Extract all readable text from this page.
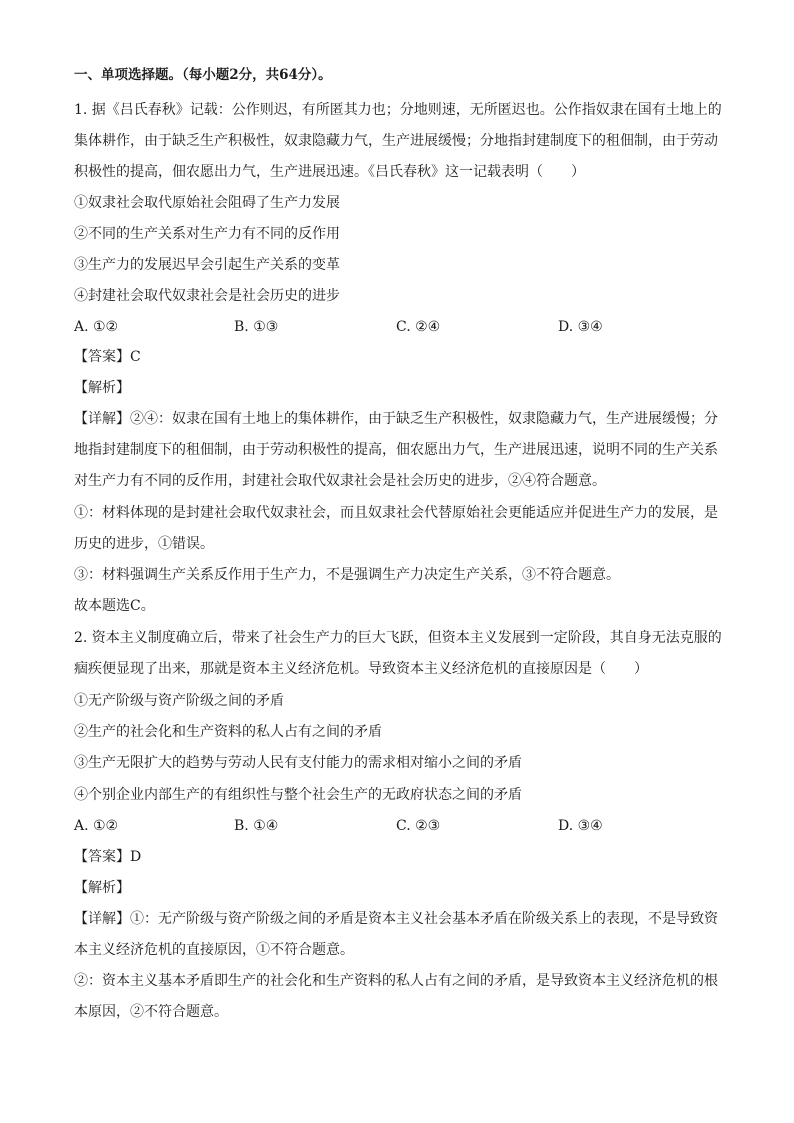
一、单项选择题。（每小题2分，共64分）。
1. 据《吕氏春秋》记载：公作则迟，有所匿其力也；分地则速，无所匿迟也。公作指奴隶在国有土地上的
集体耕作，由于缺乏生产积极性，奴隶隐藏力气，生产进展缓慢；分地指封建制度下的租佃制，由于劳动
积极性的提高，佃农愿出力气，生产进展迅速。《吕氏春秋》这一记载表明（　　）
①奴隶社会取代原始社会阻碍了生产力发展
②不同的生产关系对生产力有不同的反作用
③生产力的发展迟早会引起生产关系的变革
④封建社会取代奴隶社会是社会历史的进步
A. ①②	B. ①③	C. ②④	D. ③④
【答案】C
【解析】
【详解】②④：奴隶在国有土地上的集体耕作，由于缺乏生产积极性，奴隶隐藏力气，生产进展缓慢；分
地指封建制度下的租佃制，由于劳动积极性的提高，佃农愿出力气，生产进展迅速，说明不同的生产关系
对生产力有不同的反作用，封建社会取代奴隶社会是社会历史的进步，②④符合题意。
①：材料体现的是封建社会取代奴隶社会，而且奴隶社会代替原始社会更能适应并促进生产力的发展，是
历史的进步，①错误。
③：材料强调生产关系反作用于生产力，不是强调生产力决定生产关系，③不符合题意。
故本题选C。
2. 资本主义制度确立后，带来了社会生产力的巨大飞跃，但资本主义发展到一定阶段，其自身无法克服的
痼疾便显现了出来，那就是资本主义经济危机。导致资本主义经济危机的直接原因是（　　）
①无产阶级与资产阶级之间的矛盾
②生产的社会化和生产资料的私人占有之间的矛盾
③生产无限扩大的趋势与劳动人民有支付能力的需求相对缩小之间的矛盾
④个别企业内部生产的有组织性与整个社会生产的无政府状态之间的矛盾
A. ①②	B. ①④	C. ②③	D. ③④
【答案】D
【解析】
【详解】①：无产阶级与资产阶级之间的矛盾是资本主义社会基本矛盾在阶级关系上的表现，不是导致资
本主义经济危机的直接原因，①不符合题意。
②：资本主义基本矛盾即生产的社会化和生产资料的私人占有之间的矛盾，是导致资本主义经济危机的根
本原因，②不符合题意。
